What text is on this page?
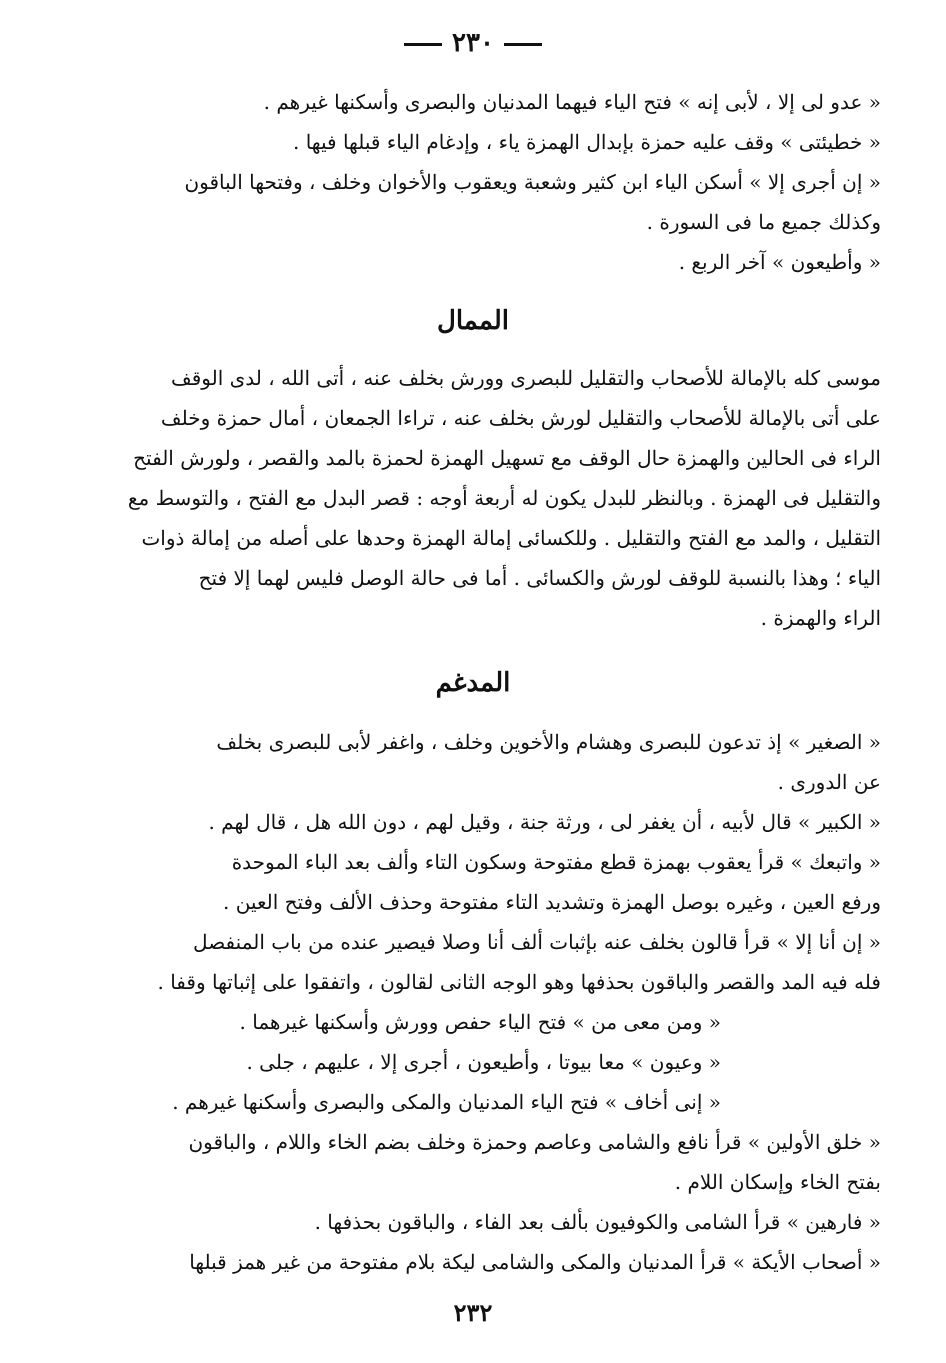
٢٣٠
« عدو لى إلا ، لأبى إنه » فتح الياء فيهما المدنيان والبصرى وأسكنها غيرهم .
« خطيئتى » وقف عليه حمزة بإبدال الهمزة ياء ، وإدغام الياء قبلها فيها .
« إن أجرى إلا » أسكن الياء ابن كثير وشعبة ويعقوب والأخوان وخلف ، وفتحها الباقون
وكذلك جميع ما فى السورة .
« وأطيعون » آخر الربع .
الممال
موسى كله بالإمالة للأصحاب والتقليل للبصرى وورش بخلف عنه ، أتى الله ، لدى الوقف
على أتى بالإمالة للأصحاب والتقليل لورش بخلف عنه ، تراءا الجمعان ، أمال حمزة وخلف
الراء فى الحالين والهمزة حال الوقف مع تسهيل الهمزة لحمزة بالمد والقصر ، ولورش الفتح
والتقليل فى الهمزة . وبالنظر للبدل يكون له أربعة أوجه : قصر البدل مع الفتح ، والتوسط مع
التقليل ، والمد مع الفتح والتقليل . وللكسائى إمالة الهمزة وحدها على أصله من إمالة ذوات
الياء ؛ وهذا بالنسبة للوقف لورش والكسائى . أما فى حالة الوصل فليس لهما إلا فتح
الراء والهمزة .
المدغم
« الصغير » إذ تدعون للبصرى وهشام والأخوين وخلف ، واغفر لأبى للبصرى بخلف
عن الدورى .
« الكبير » قال لأبيه ، أن يغفر لى ، ورثة جنة ، وقيل لهم ، دون الله هل ، قال لهم .
« واتبعك » قرأ يعقوب بهمزة قطع مفتوحة وسكون التاء وألف بعد الباء الموحدة
ورفع العين ، وغيره بوصل الهمزة وتشديد التاء مفتوحة وحذف الألف وفتح العين .
« إن أنا إلا » قرأ قالون بخلف عنه بإثبات ألف أنا وصلا فيصير عنده من باب المنفصل
فله فيه المد والقصر والباقون بحذفها وهو الوجه الثانى لقالون ، واتفقوا على إثباتها وقفا .
« ومن معى من » فتح الياء حفص وورش وأسكنها غيرهما .
« وعيون » معا بيوتا ، وأطيعون ، أجرى إلا ، عليهم ، جلى .
« إنى أخاف » فتح الياء المدنيان والمكى والبصرى وأسكنها غيرهم .
« خلق الأولين » قرأ نافع والشامى وعاصم وحمزة وخلف بضم الخاء واللام ، والباقون
بفتح الخاء وإسكان اللام .
« فارهين » قرأ الشامى والكوفيون بألف بعد الفاء ، والباقون بحذفها .
« أصحاب الأيكة » قرأ المدنيان والمكى والشامى ليكة بلام مفتوحة من غير همز قبلها
٢٣٢
